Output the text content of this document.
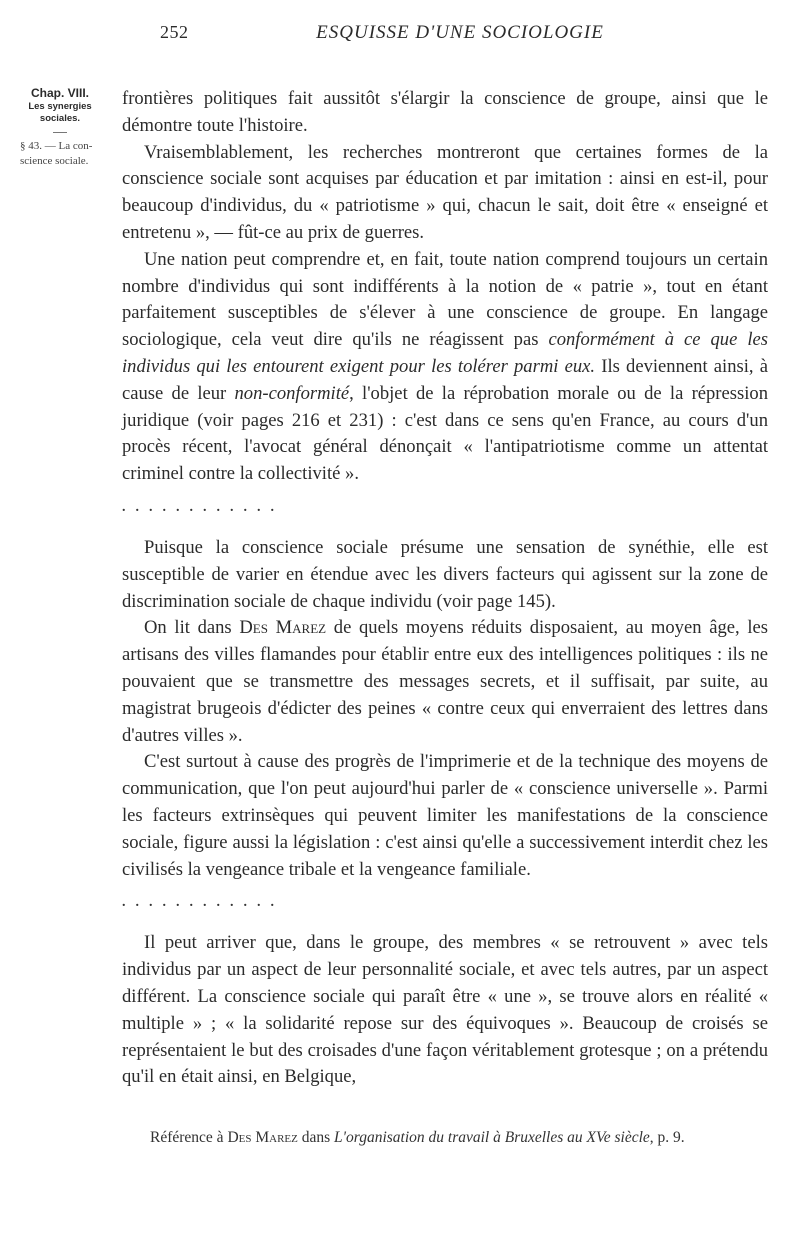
252	ESQUISSE D'UNE SOCIOLOGIE
Chap. VIII.
Les synergies
sociales.
§ 43. — La con-
science sociale.

frontières politiques fait aussitôt s'élargir la conscience de groupe, ainsi que le démontre toute l'histoire.

Vraisemblablement, les recherches montreront que certaines formes de la conscience sociale sont acquises par éducation et par imitation : ainsi en est-il, pour beaucoup d'individus, du « patriotisme » qui, chacun le sait, doit être « enseigné et entretenu », — fût-ce au prix de guerres.

Une nation peut comprendre et, en fait, toute nation comprend toujours un certain nombre d'individus qui sont indifférents à la notion de « patrie », tout en étant parfaitement susceptibles de s'élever à une conscience de groupe. En langage sociologique, cela veut dire qu'ils ne réagissent pas conformément à ce que les individus qui les entourent exigent pour les tolérer parmi eux. Ils deviennent ainsi, à cause de leur non-conformité, l'objet de la réprobation morale ou de la répression juridique (voir pages 216 et 231) : c'est dans ce sens qu'en France, au cours d'un procès récent, l'avocat général dénonçait « l'antipatriotisme comme un attentat criminel contre la collectivité ».

............

Puisque la conscience sociale présume une sensation de synéthie, elle est susceptible de varier en étendue avec les divers facteurs qui agissent sur la zone de discrimination sociale de chaque individu (voir page 145).

On lit dans Des Marez de quels moyens réduits disposaient, au moyen âge, les artisans des villes flamandes pour établir entre eux des intelligences politiques : ils ne pouvaient que se transmettre des messages secrets, et il suffisait, par suite, au magistrat brugeois d'édicter des peines « contre ceux qui enverraient des lettres dans d'autres villes ».

C'est surtout à cause des progrès de l'imprimerie et de la technique des moyens de communication, que l'on peut aujourd'hui parler de « conscience universelle ». Parmi les facteurs extrinsèques qui peuvent limiter les manifestations de la conscience sociale, figure aussi la législation : c'est ainsi qu'elle a successivement interdit chez les civilisés la vengeance tribale et la vengeance familiale.

............

Il peut arriver que, dans le groupe, des membres « se retrouvent » avec tels individus par un aspect de leur personnalité sociale, et avec tels autres, par un aspect différent. La conscience sociale qui paraît être « une », se trouve alors en réalité « multiple » ; « la solidarité repose sur des équivoques ». Beaucoup de croisés se représentaient le but des croisades d'une façon véritablement grotesque ; on a prétendu qu'il en était ainsi, en Belgique,

Référence à Des Marez dans L'organisation du travail à Bruxelles au XVe siècle, p. 9.
